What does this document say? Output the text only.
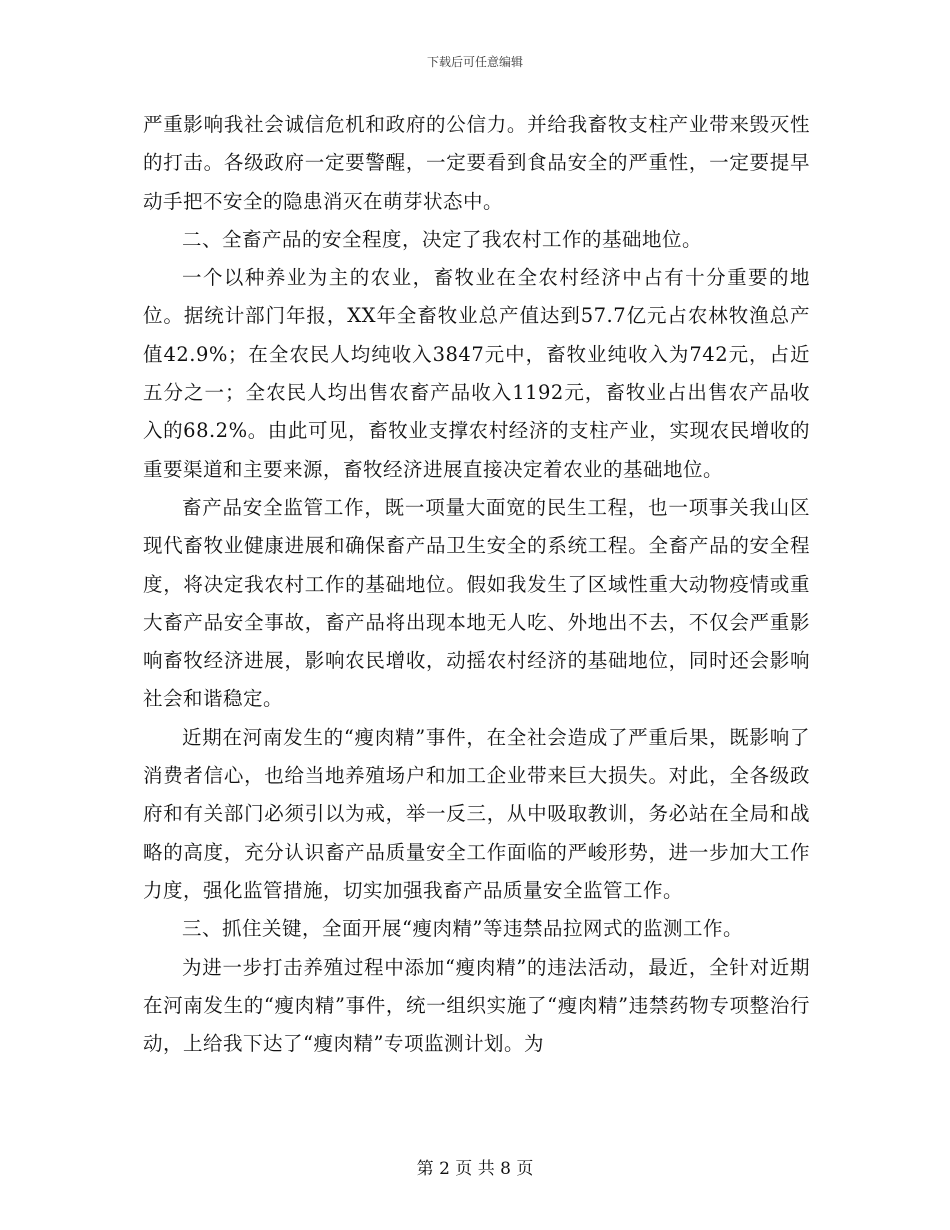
下载后可任意编辑

严重影响我社会诚信危机和政府的公信力。并给我畜牧支柱产业带来毁灭性的打击。各级政府一定要警醒，一定要看到食品安全的严重性，一定要提早动手把不安全的隐患消灭在萌芽状态中。

二、全畜产品的安全程度，决定了我农村工作的基础地位。

一个以种养业为主的农业，畜牧业在全农村经济中占有十分重要的地位。据统计部门年报，XX年全畜牧业总产值达到57.7亿元占农林牧渔总产值42.9%；在全农民人均纯收入3847元中，畜牧业纯收入为742元，占近五分之一；全农民人均出售农畜产品收入1192元，畜牧业占出售农产品收入的68.2%。由此可见，畜牧业支撑农村经济的支柱产业，实现农民增收的重要渠道和主要来源，畜牧经济进展直接决定着农业的基础地位。

畜产品安全监管工作，既一项量大面宽的民生工程，也一项事关我山区现代畜牧业健康进展和确保畜产品卫生安全的系统工程。全畜产品的安全程度，将决定我农村工作的基础地位。假如我发生了区域性重大动物疫情或重大畜产品安全事故，畜产品将出现本地无人吃、外地出不去，不仅会严重影响畜牧经济进展，影响农民增收，动摇农村经济的基础地位，同时还会影响社会和谐稳定。

近期在河南发生的“瘦肉精”事件，在全社会造成了严重后果，既影响了消费者信心，也给当地养殖场户和加工企业带来巨大损失。对此，全各级政府和有关部门必须引以为戒，举一反三，从中吸取教训，务必站在全局和战略的高度，充分认识畜产品质量安全工作面临的严峻形势，进一步加大工作力度，强化监管措施，切实加强我畜产品质量安全监管工作。

三、抓住关键，全面开展“瘦肉精”等违禁品拉网式的监测工作。

为进一步打击养殖过程中添加“瘦肉精”的违法活动，最近，全针对近期在河南发生的“瘦肉精”事件，统一组织实施了“瘦肉精”违禁药物专项整治行动，上给我下达了“瘦肉精”专项监测计划。为

第 2 页 共 8 页
